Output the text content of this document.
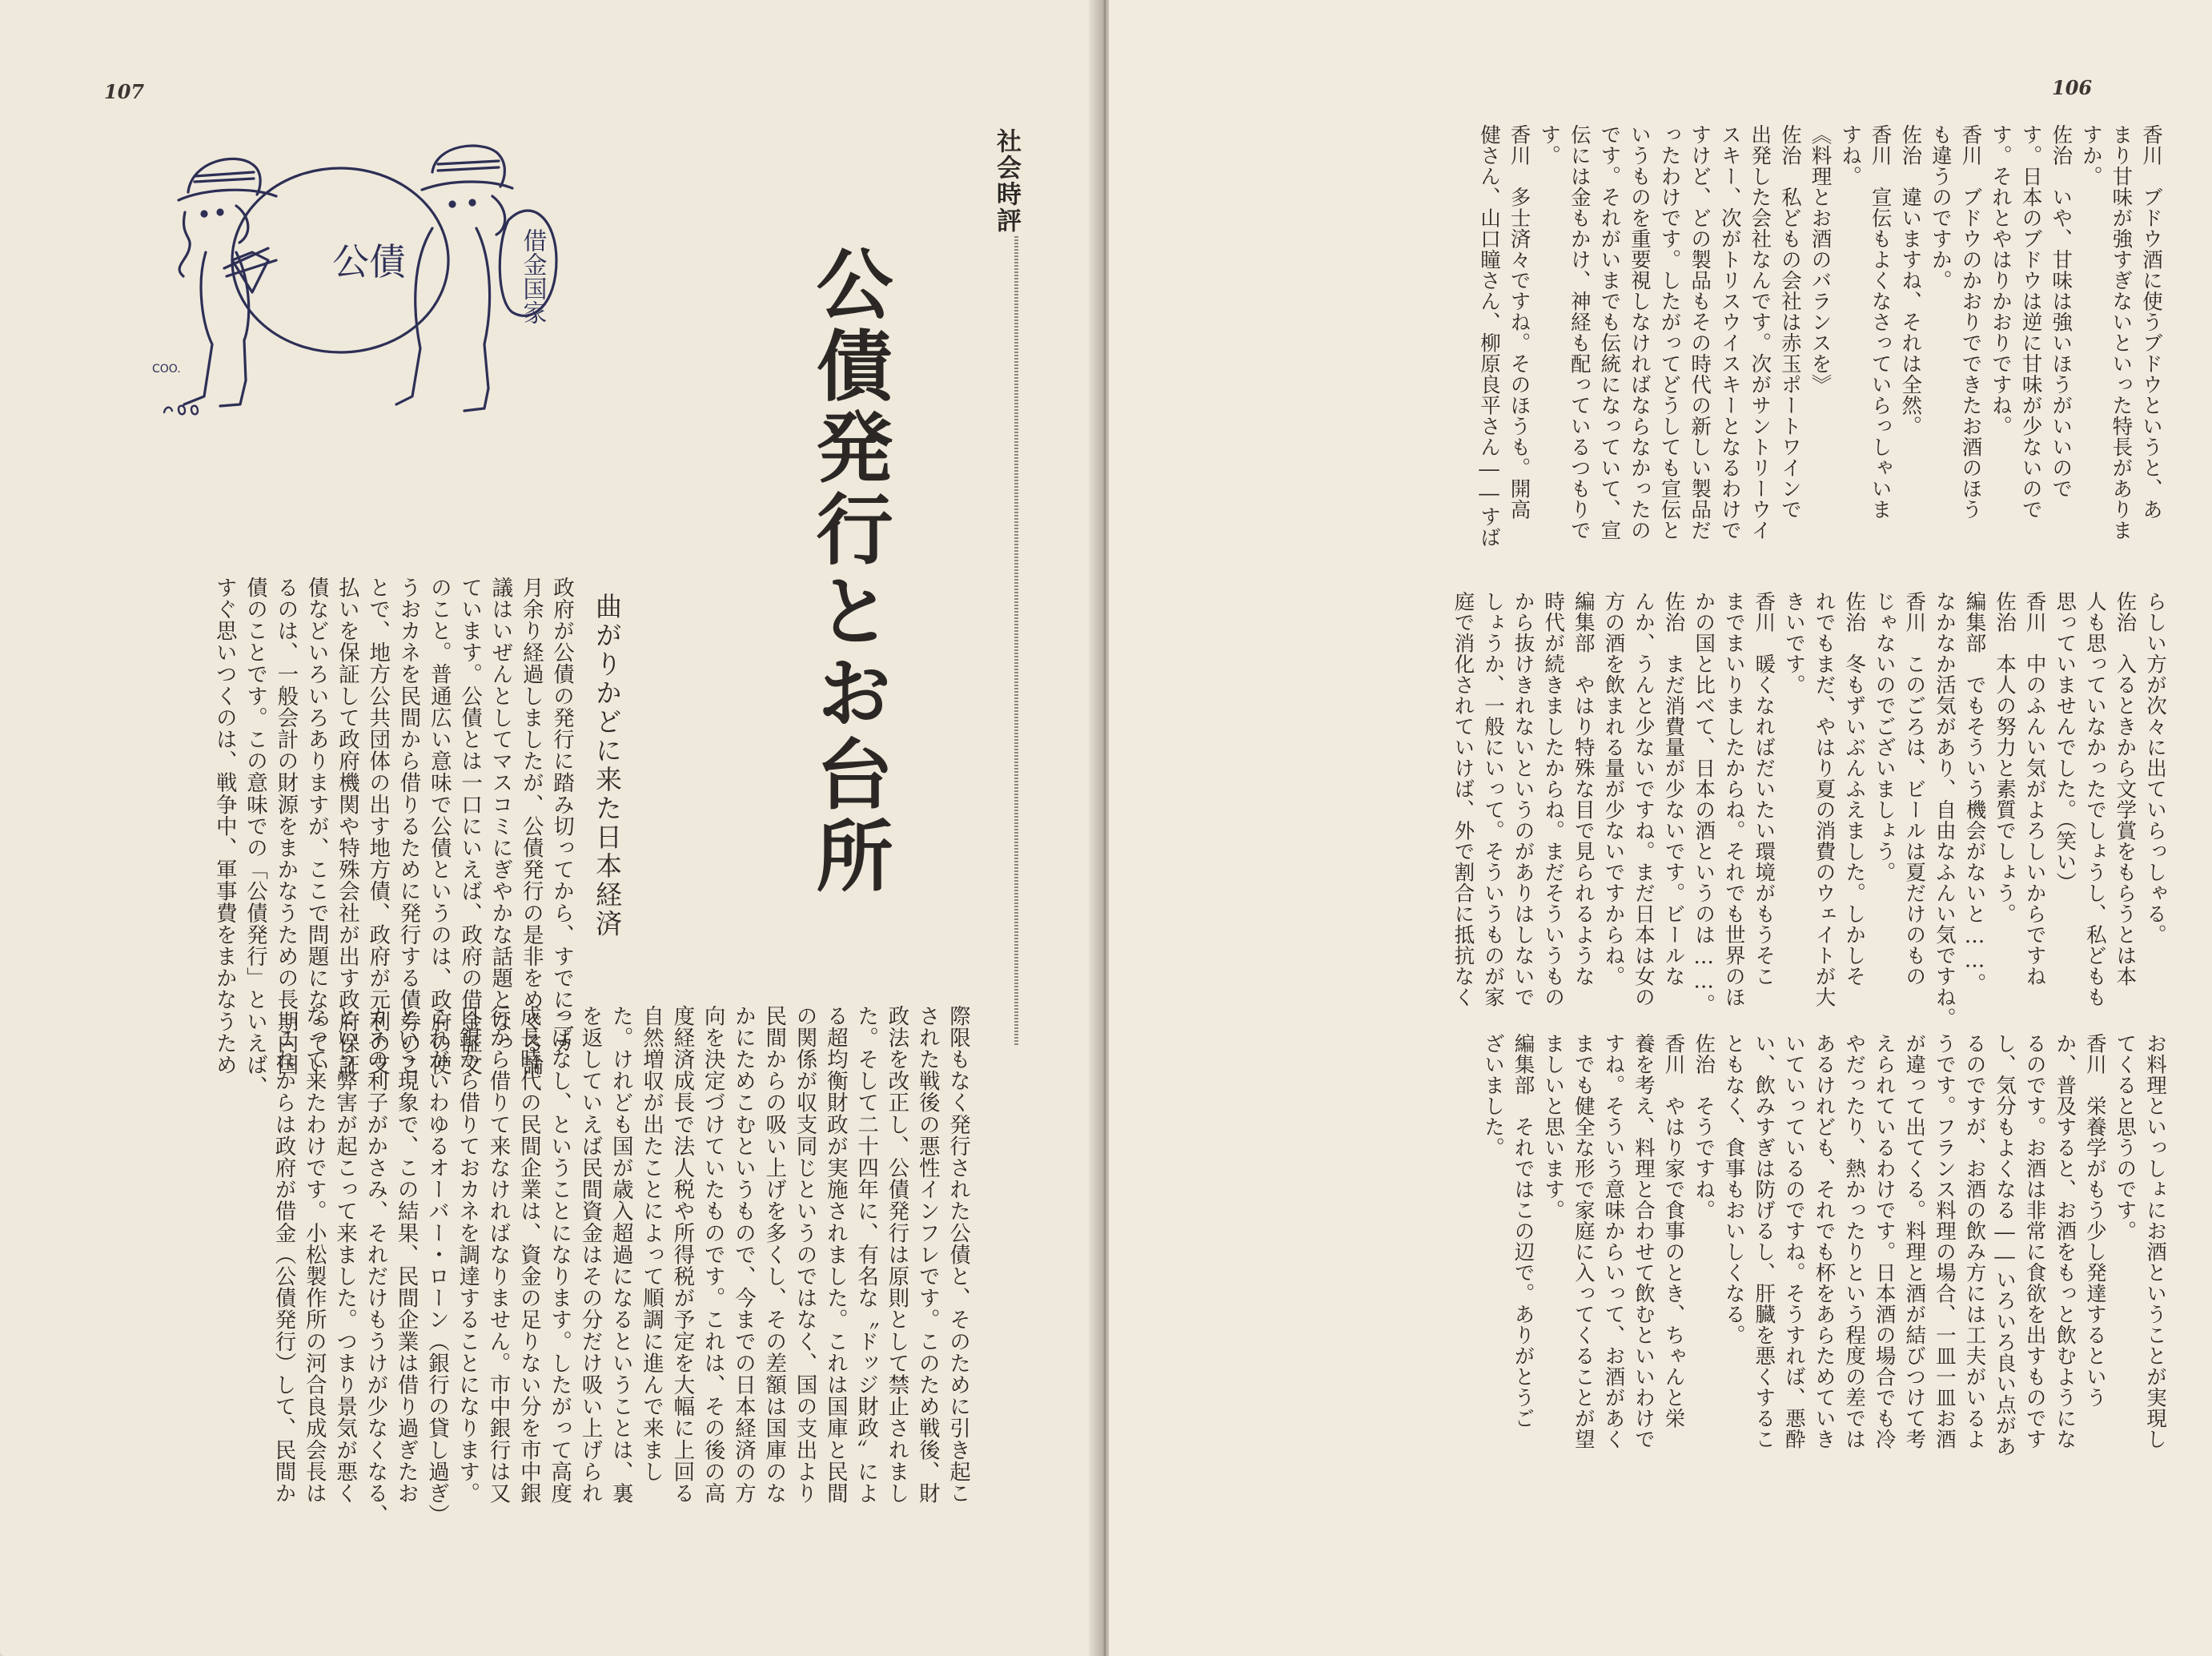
107
公債	借金国家
COO.
社会時評
公債発行とお台所
曲がりかどに来た日本経済
政府が公債の発行に踏み切ってから、すでに二カ
月余り経過しましたが、公債発行の是非をめぐる論
議はいぜんとしてマスコミにぎやかな話題となっ
ています。公債とは一口にいえば、政府の借金証文
のこと。普通広い意味で公債というのは、政府の使
うおカネを民間から借りるために発行する債券のこ
とで、地方公共団体の出す地方債、政府が元利の支
払いを保証して政府機関や特殊会社が出す政府保証
債などいろいろありますが、ここで問題になってい
るのは、一般会計の財源をまかなうための長期内国
債のことです。この意味での「公債発行」といえば、
すぐ思いつくのは、戦争中、軍事費をまかなうため
際限もなく発行された公債と、そのために引き起こ
された戦後の悪性インフレです。このため戦後、財
政法を改正し、公債発行は原則として禁止されまし
た。そして二十四年に、有名な〝ドッジ財政〟によ
る超均衡財政が実施されました。これは国庫と民間
の関係が収支同じというのではなく、国の支出より
民間からの吸い上げを多くし、その差額は国庫のな
かにためこむというもので、今までの日本経済の方
向を決定づけていたものです。これは、その後の高
度経済成長で法人税や所得税が予定を大幅に上回る
自然増収が出たことによって順調に進んで来まし
た。けれども国が歳入超過になるということは、裏
を返していえば民間資金はその分だけ吸い上げられ
っぱなし、ということになります。したがって高度
成長時代の民間企業は、資金の足りない分を市中銀
行から借りて来なければなりません。市中銀行は又
日銀から借りておカネを調達することになります。
これがいわゆるオーバー・ローン（銀行の貸し過ぎ）
という現象で、この結果、民間企業は借り過ぎたお
カネの利子がかさみ、それだけもうけが少なくなる、
という弊害が起こって来ました。つまり景気が悪く
なって来たわけです。小松製作所の河合良成会長は
「これからは政府が借金（公債発行）して、民間か
106
香川　ブドウ酒に使うブドウというと、あ
まり甘味が強すぎないといった特長がありま
すか。
佐治　いや、甘味は強いほうがいいので
す。日本のブドウは逆に甘味が少ないので
す。それとやはりかおりですね。
香川　ブドウのかおりでできたお酒のほう
も違うのですか。
佐治　違いますね、それは全然。
香川　宣伝もよくなさっていらっしゃいま
すね。
《料理とお酒のバランスを》
佐治　私どもの会社は赤玉ポートワインで
出発した会社なんです。次がサントリーウイ
スキー、次がトリスウイスキーとなるわけで
すけど、どの製品もその時代の新しい製品だ
ったわけです。したがってどうしても宣伝と
いうものを重要視しなければならなかったの
です。それがいまでも伝統になっていて、宣
伝には金もかけ、神経も配っているつもりで
す。
香川　多士済々ですね。そのほうも。開高
健さん、山口瞳さん、柳原良平さん――すば
らしい方が次々に出ていらっしゃる。
佐治　入るときから文学賞をもらうとは本
人も思っていなかったでしょうし、私どもも
思っていませんでした。（笑い）
香川　中のふんい気がよろしいからですね
佐治　本人の努力と素質でしょう。
編集部　でもそういう機会がないと……。
なかなか活気があり、自由なふんい気ですね。
香川　このごろは、ビールは夏だけのもの
じゃないのでございましょう。
佐治　冬もずいぶんふえました。しかしそ
れでもまだ、やはり夏の消費のウェイトが大
きいです。
香川　暖くなればだいたい環境がもうそこ
までまいりましたからね。それでも世界のほ
かの国と比べて、日本の酒というのは……。
佐治　まだ消費量が少ないです。ビールな
んか、うんと少ないですね。まだ日本は女の
方の酒を飲まれる量が少ないですからね。
編集部　やはり特殊な目で見られるような
時代が続きましたからね。まだそういうもの
から抜けきれないというのがありはしないで
しょうか、一般にいって。そういうものが家
庭で消化されていけば、外で割合に抵抗なく
お料理といっしょにお酒ということが実現し
てくると思うのです。
香川　栄養学がもう少し発達するという
か、普及すると、お酒をもっと飲むようにな
るのです。お酒は非常に食欲を出すものです
し、気分もよくなる――いろいろ良い点があ
るのですが、お酒の飲み方には工夫がいるよ
うです。フランス料理の場合、一皿一皿お酒
が違って出てくる。料理と酒が結びつけて考
えられているわけです。日本酒の場合でも冷
やだったり、熱かったりという程度の差では
あるけれども、それでも杯をあらためていき
いていっているのですね。そうすれば、悪酔
い、飲みすぎは防げるし、肝臓を悪くするこ
ともなく、食事もおいしくなる。
佐治　そうですね。
香川　やはり家で食事のとき、ちゃんと栄
養を考え、料理と合わせて飲むといいわけで
すね。そういう意味からいって、お酒があく
までも健全な形で家庭に入ってくることが望
ましいと思います。
編集部　それではこの辺で。ありがとうご
ざいました。
